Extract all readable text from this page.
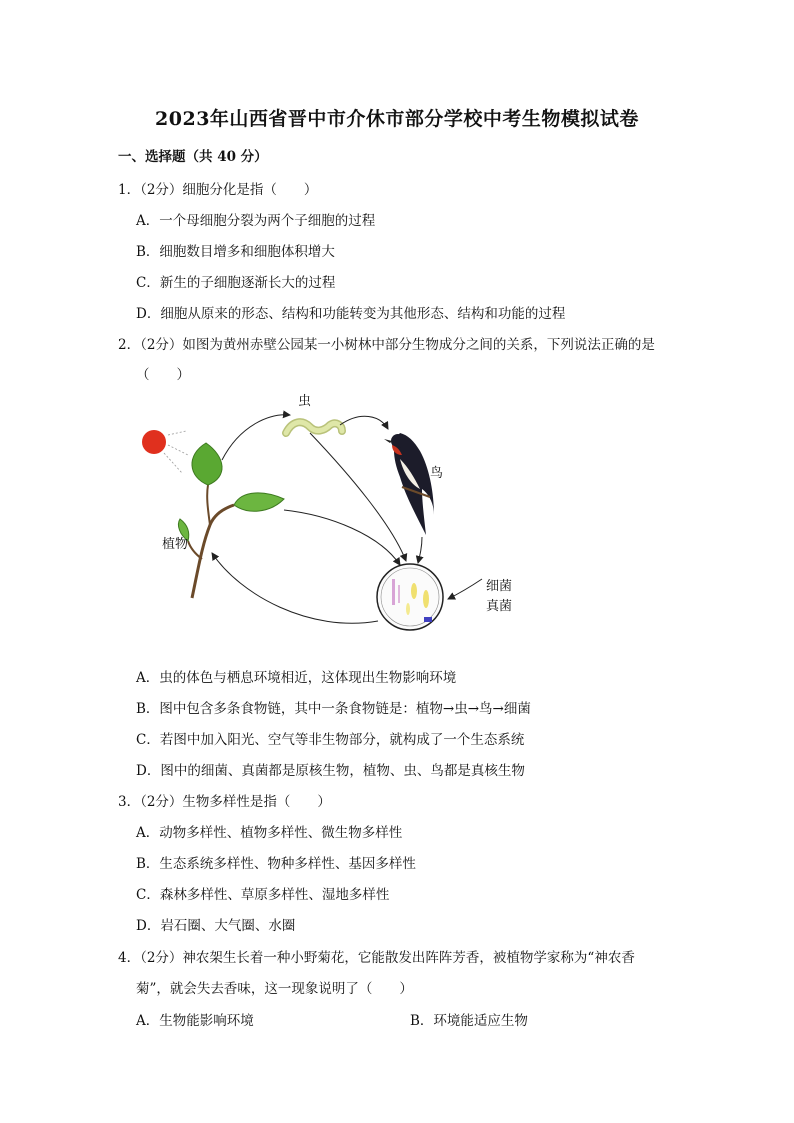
2023年山西省晋中市介休市部分学校中考生物模拟试卷
一、选择题（共 40 分）
1．（2分）细胞分化是指（　　）
A．一个母细胞分裂为两个子细胞的过程
B．细胞数目增多和细胞体积增大
C．新生的子细胞逐渐长大的过程
D．细胞从原来的形态、结构和功能转变为其他形态、结构和功能的过程
2．（2分）如图为黄州赤壁公园某一小树林中部分生物成分之间的关系，下列说法正确的是
（　　）
植物
虫
鸟
细菌
真菌
A．虫的体色与栖息环境相近，这体现出生物影响环境
B．图中包含多条食物链，其中一条食物链是：植物→虫→鸟→细菌
C．若图中加入阳光、空气等非生物部分，就构成了一个生态系统
D．图中的细菌、真菌都是原核生物，植物、虫、鸟都是真核生物
3．（2分）生物多样性是指（　　）
A．动物多样性、植物多样性、微生物多样性
B．生态系统多样性、物种多样性、基因多样性
C．森林多样性、草原多样性、湿地多样性
D．岩石圈、大气圈、水圈
4．（2分）神农架生长着一种小野菊花，它能散发出阵阵芳香，被植物学家称为“神农香
菊”，就会失去香味，这一现象说明了（　　）
A．生物能影响环境	B．环境能适应生物
